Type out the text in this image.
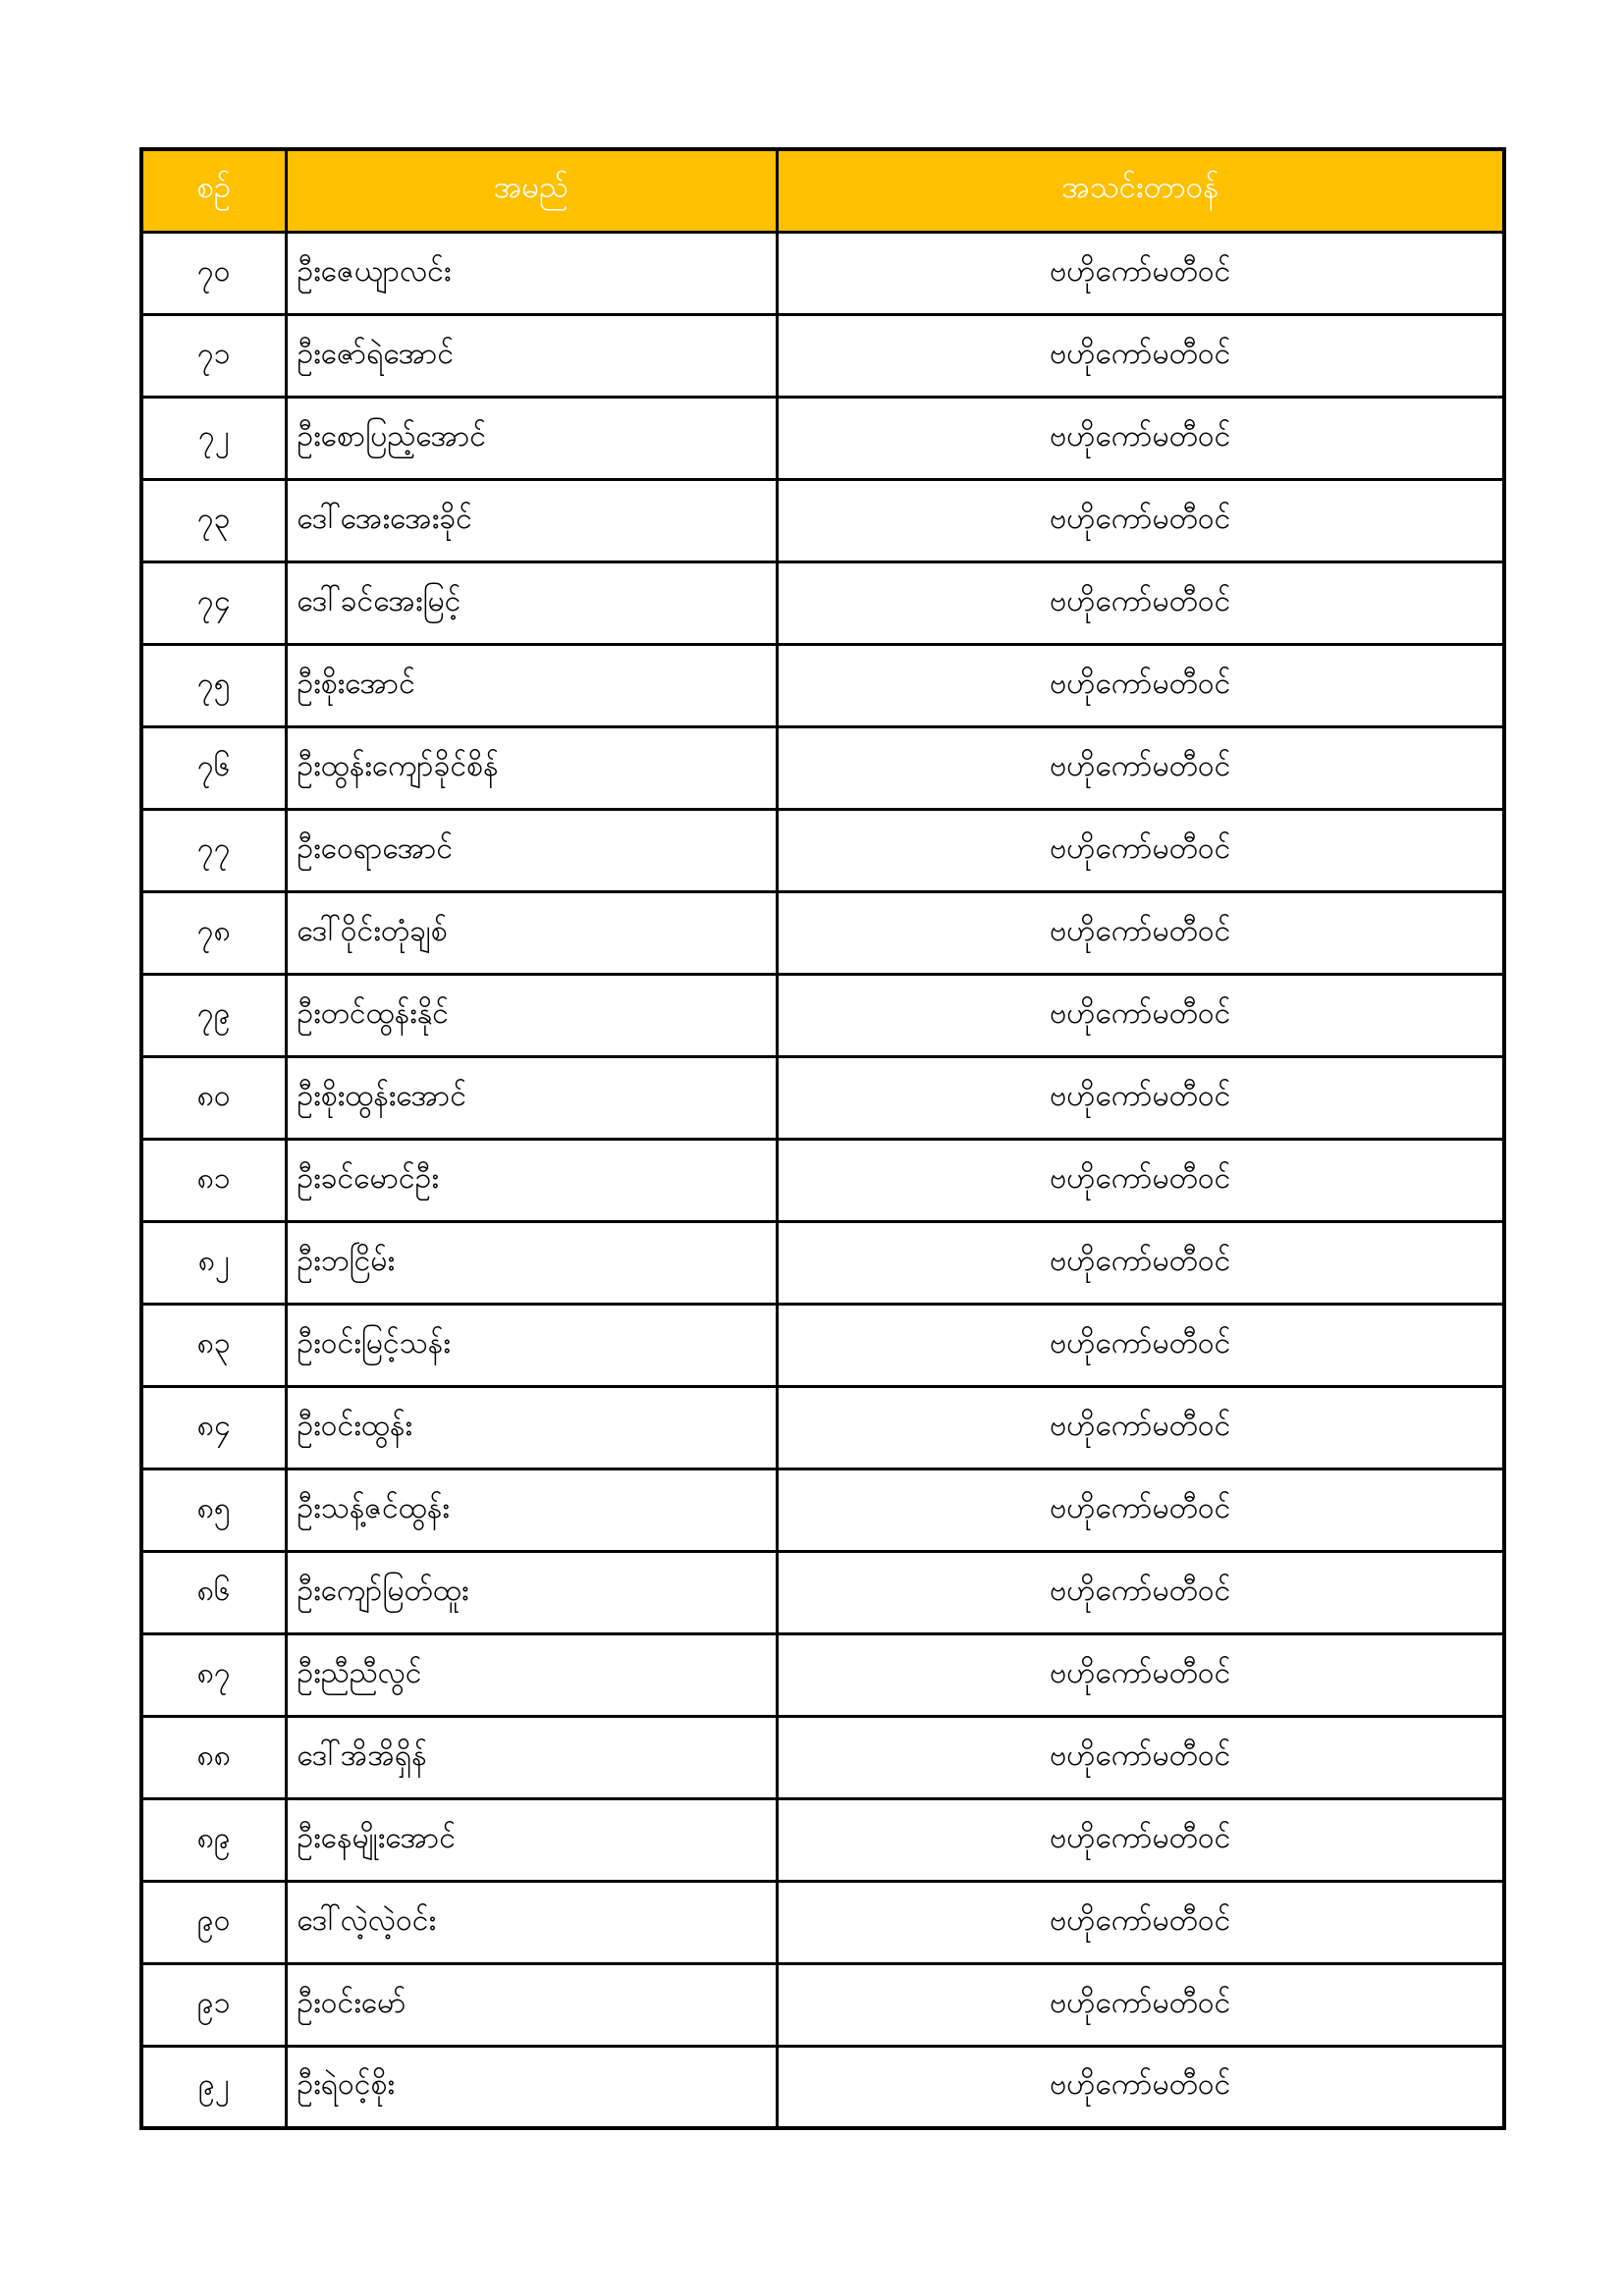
စဉ်	အမည်	အသင်းတာဝန်
၇၀	ဦးဇေယျာလင်း	ဗဟိုကော်မတီဝင်
၇၁	ဦးဇော်ရဲအောင်	ဗဟိုကော်မတီဝင်
၇၂	ဦးစောပြည့်အောင်	ဗဟိုကော်မတီဝင်
၇၃	ဒေါ်အေးအေးခိုင်	ဗဟိုကော်မတီဝင်
၇၄	ဒေါ်ခင်အေးမြင့်	ဗဟိုကော်မတီဝင်
၇၅	ဦးစိုးအောင်	ဗဟိုကော်မတီဝင်
၇၆	ဦးထွန်းကျော်ခိုင်စိန်	ဗဟိုကော်မတီဝင်
၇၇	ဦးဝေရာအောင်	ဗဟိုကော်မတီဝင်
၇၈	ဒေါ်ဝိုင်းတုံချစ်	ဗဟိုကော်မတီဝင်
၇၉	ဦးတင်ထွန်းနိုင်	ဗဟိုကော်မတီဝင်
၈၀	ဦးစိုးထွန်းအောင်	ဗဟိုကော်မတီဝင်
၈၁	ဦးခင်မောင်ဦး	ဗဟိုကော်မတီဝင်
၈၂	ဦးဘငြိမ်း	ဗဟိုကော်မတီဝင်
၈၃	ဦးဝင်းမြင့်သန်း	ဗဟိုကော်မတီဝင်
၈၄	ဦးဝင်းထွန်း	ဗဟိုကော်မတီဝင်
၈၅	ဦးသန့်ဇင်ထွန်း	ဗဟိုကော်မတီဝင်
၈၆	ဦးကျော်မြတ်ထူး	ဗဟိုကော်မတီဝင်
၈၇	ဦးညီညီလွင်	ဗဟိုကော်မတီဝင်
၈၈	ဒေါ်အိအိရှိန်	ဗဟိုကော်မတီဝင်
၈၉	ဦးနေမျိုးအောင်	ဗဟိုကော်မတီဝင်
၉၀	ဒေါ်လဲ့လဲ့ဝင်း	ဗဟိုကော်မတီဝင်
၉၁	ဦးဝင်းမော်	ဗဟိုကော်မတီဝင်
၉၂	ဦးရဲဝင့်စိုး	ဗဟိုကော်မတီဝင်
